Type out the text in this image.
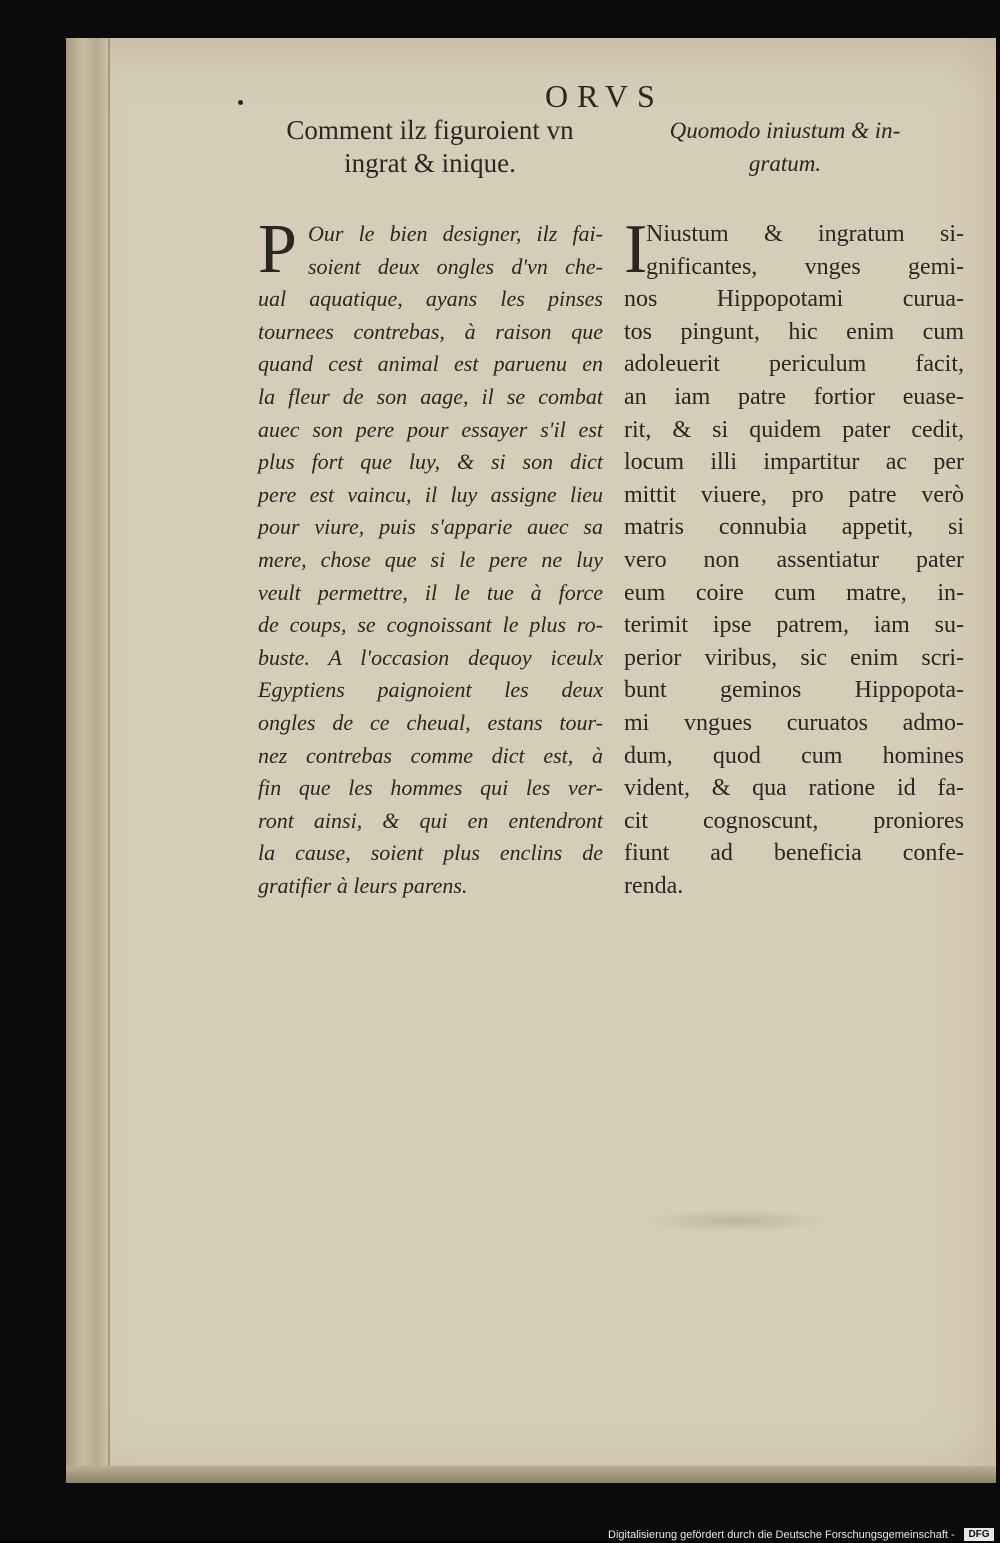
ORVS
Comment ilz figuroient vn
ingrat & inique.
Quomodo iniustum & in-
gratum.
P Our le bien designer, ilz fai-
soient deux ongles d'vn che-
ual aquatique, ayans les pinses
tournees contrebas, à raison que
quand cest animal est paruenu en
la fleur de son aage, il se combat
auec son pere pour essayer s'il est
plus fort que luy, & si son dict
pere est vaincu, il luy assigne lieu
pour viure, puis s'apparie auec sa
mere, chose que si le pere ne luy
veult permettre, il le tue à force
de coups, se cognoissant le plus ro-
buste. A l'occasion dequoy iceulx
Egyptiens paignoient les deux
ongles de ce cheual, estans tour-
nez contrebas comme dict est, à
fin que les hommes qui les ver-
ront ainsi, & qui en entendront
la cause, soient plus enclins de
gratifier à leurs parens.
I
Niustum & ingratum si-
gnificantes, vnges gemi-
nos Hippopotami curua-
tos pingunt, hic enim cum
adoleuerit periculum facit,
an iam patre fortior euase-
rit, & si quidem pater cedit,
locum illi impartitur ac per
mittit viuere, pro patre verò
matris connubia appetit, si
vero non assentiatur pater
eum coire cum matre, in-
terimit ipse patrem, iam su-
perior viribus, sic enim scri-
bunt geminos Hippopota-
mi vngues curuatos admo-
dum, quod cum homines
vident, & qua ratione id fa-
cit cognoscunt, proniores
fiunt ad beneficia confe-
renda.
Digitalisierung gefördert durch die Deutsche Forschungsgemeinschaft -	DFG
